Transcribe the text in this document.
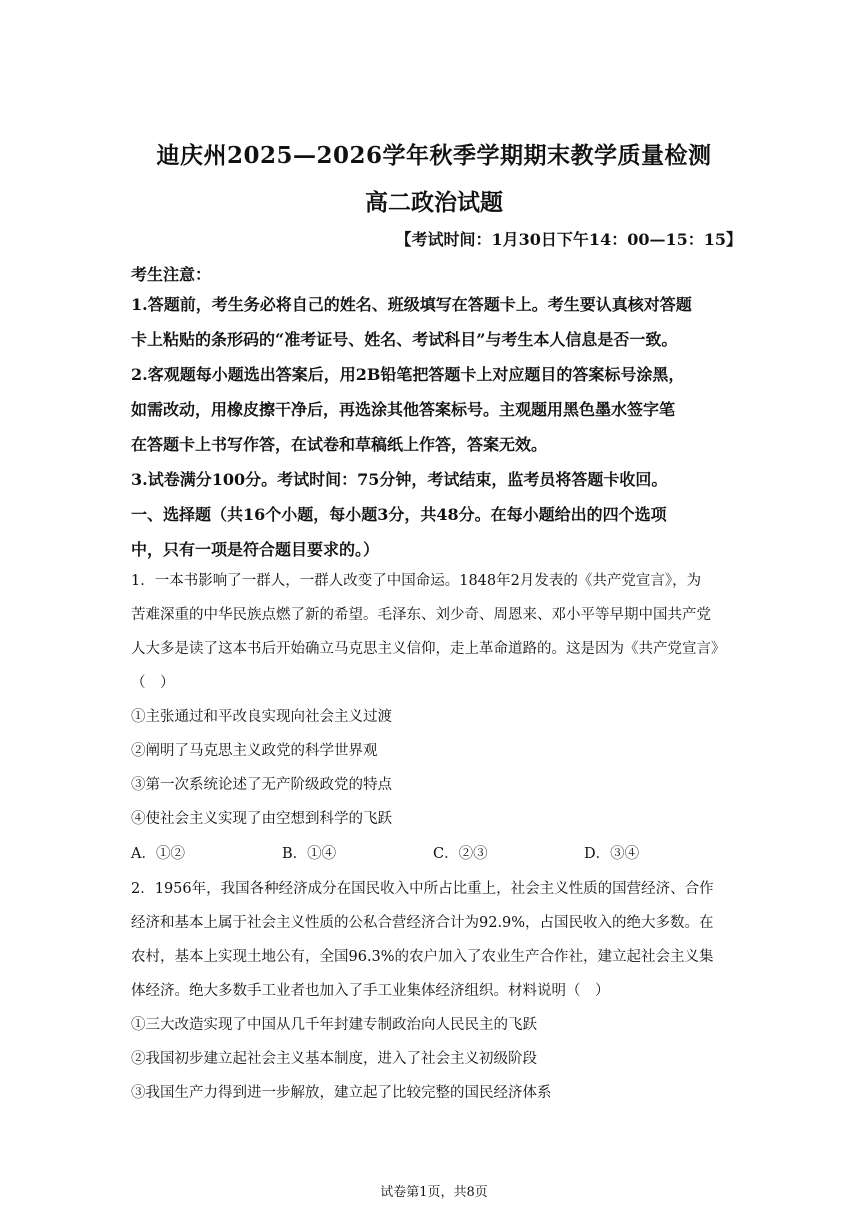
迪庆州2025—2026学年秋季学期期末教学质量检测
高二政治试题
【考试时间：1月30日下午14：00—15：15】
考生注意：
1.答题前，考生务必将自己的姓名、班级填写在答题卡上。考生要认真核对答题
卡上粘贴的条形码的“准考证号、姓名、考试科目”与考生本人信息是否一致。
2.客观题每小题选出答案后，用2B铅笔把答题卡上对应题目的答案标号涂黑，
如需改动，用橡皮擦干净后，再选涂其他答案标号。主观题用黑色墨水签字笔
在答题卡上书写作答，在试卷和草稿纸上作答，答案无效。
3.试卷满分100分。考试时间：75分钟，考试结束，监考员将答题卡收回。
一、选择题（共16个小题，每小题3分，共48分。在每小题给出的四个选项
中，只有一项是符合题目要求的。）
1．一本书影响了一群人，一群人改变了中国命运。1848年2月发表的《共产党宣言》，为
苦难深重的中华民族点燃了新的希望。毛泽东、刘少奇、周恩来、邓小平等早期中国共产党
人大多是读了这本书后开始确立马克思主义信仰，走上革命道路的。这是因为《共产党宣言》
（　）
①主张通过和平改良实现向社会主义过渡
②阐明了马克思主义政党的科学世界观
③第一次系统论述了无产阶级政党的特点
④使社会主义实现了由空想到科学的飞跃
A．①②	B．①④	C．②③	D．③④
2．1956年，我国各种经济成分在国民收入中所占比重上，社会主义性质的国营经济、合作
经济和基本上属于社会主义性质的公私合营经济合计为92.9%，占国民收入的绝大多数。在
农村，基本上实现土地公有，全国96.3%的农户加入了农业生产合作社，建立起社会主义集
体经济。绝大多数手工业者也加入了手工业集体经济组织。材料说明（　）
①三大改造实现了中国从几千年封建专制政治向人民民主的飞跃
②我国初步建立起社会主义基本制度，进入了社会主义初级阶段
③我国生产力得到进一步解放，建立起了比较完整的国民经济体系
试卷第1页，共8页
